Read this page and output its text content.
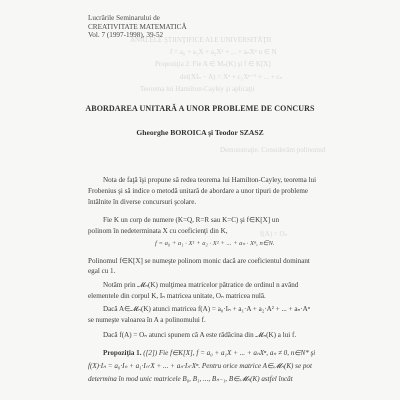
ANALELE ŞTIINŢIFICE ALE UNIVERSITĂŢII
f = a₀ + a₁X + a₂X² + ... + aₙXⁿ n ∈ N
Propoziţia 2. Fie A ∈ Mₙ(K) şi f ∈ K[X]
det(XIₙ − A) = Xⁿ + c₁Xⁿ⁻¹ + ... + cₙ
Teorema lui Hamilton-Cayley şi aplicaţii
Demonstraţie. Considerăm polinomul
f(A) = Oₙ
Lucrările Seminarului de
CREATIVITATE MATEMATICĂ
Vol. 7 (1997-1998), 39-52
ABORDAREA UNITARĂ A UNOR PROBLEME DE CONCURS
Gheorghe BOROICA şi Teodor SZASZ
Nota de faţă îşi propune să redea teorema lui Hamilton-Cayley, teorema lui
Frobenius şi să indice o metodă unitară de abordare a unor tipuri de probleme
întâlnite în diverse concursuri şcolare.
Fie K un corp de numere (K=Q, R=R sau K=C) şi f∈K[X] un
polinom în nedeterminata X cu coeficienţi din K,
f = a₀ + a₁ · X¹ + a₂ · X² + ... + aₙ · Xⁿ, n∈N.
Polinomul f∈K[X] se numeşte polinom monic dacă are coeficientul dominant
egal cu 1.
Notăm prin 𝓜ₙ(K) mulţimea matricelor pătratice de ordinul n având
elementele din corpul K, Iₙ matricea unitate, Oₙ matricea nulă.
Dacă A∈𝓜ₙ(K) atunci matricea f(A) = a₀·Iₙ + a₁·A + a₂·A² + ... + aₙ·Aⁿ
se numeşte valoarea în A a polinomului f.
Dacă f(A) = Oₙ atunci spunem că A este rădăcina din 𝓜ₙ(K) a lui f.
Propoziţia 1. ([2]) Fie f∈K[X], f = a₀ + a₁X + ... + aₙXⁿ, aₙ ≠ 0, n∈N* şi
f(X)·Iₙ = a₀·Iₙ + a₁·Iₙ·X + ... + aₙ·Iₙ·Xⁿ. Pentru orice matrice A∈𝓜ₙ(K) se pot
determina în mod unic matricele B₀, B₁, ..., Bₙ₋₁, B∈𝓜ₙ(K) astfel încât
